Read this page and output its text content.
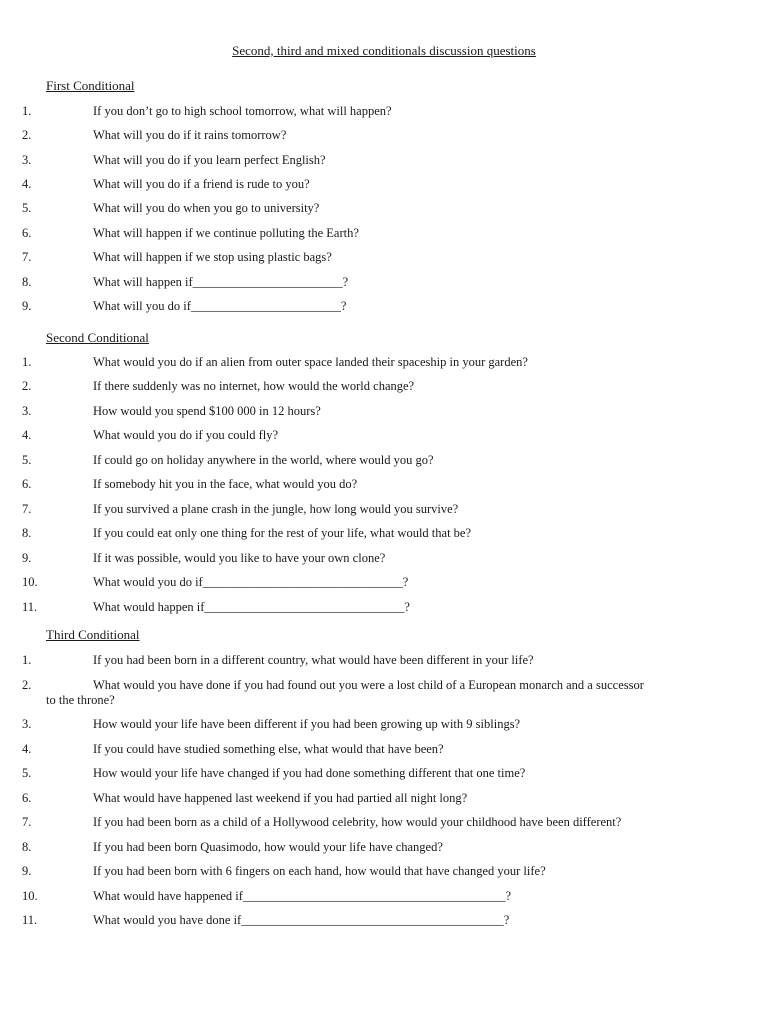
Second, third and mixed conditionals discussion questions
First Conditional
1.	If you don’t go to high school tomorrow, what will happen?
2.	What will you do if it rains tomorrow?
3.	What will you do if you learn perfect English?
4.	What will you do if a friend is rude to you?
5.	What will you do when you go to university?
6.	What will happen if we continue polluting the Earth?
7.	What will happen if we stop using plastic bags?
8.	What will happen if________________________?
9.	What will you do if________________________?
Second Conditional
1.	What would you do if an alien from outer space landed their spaceship in your garden?
2.	If there suddenly was no internet, how would the world change?
3.	How would you spend $100 000 in 12 hours?
4.	What would you do if you could fly?
5.	If could go on holiday anywhere in the world, where would you go?
6.	If somebody hit you in the face, what would you do?
7.	If you survived a plane crash in the jungle, how long would you survive?
8.	If you could eat only one thing for the rest of your life, what would that be?
9.	If it was possible, would you like to have your own clone?
10.	What would you do if________________________________?
11.	What would happen if________________________________?
Third Conditional
1.	If you had been born in a different country, what would have been different in your life?
2.	What would you have done if you had found out you were a lost child of a European monarch and a successor
to the throne?
3.	How would your life have been different if you had been growing up with 9 siblings?
4.	If you could have studied something else, what would that have been?
5.	How would your life have changed if you had done something different that one time?
6.	What would have happened last weekend if you had partied all night long?
7.	If you had been born as a child of a Hollywood celebrity, how would your childhood have been different?
8.	If you had been born Quasimodo, how would your life have changed?
9.	If you had been born with 6 fingers on each hand, how would that have changed your life?
10.	What would have happened if__________________________________________?
11.	What would you have done if__________________________________________?
